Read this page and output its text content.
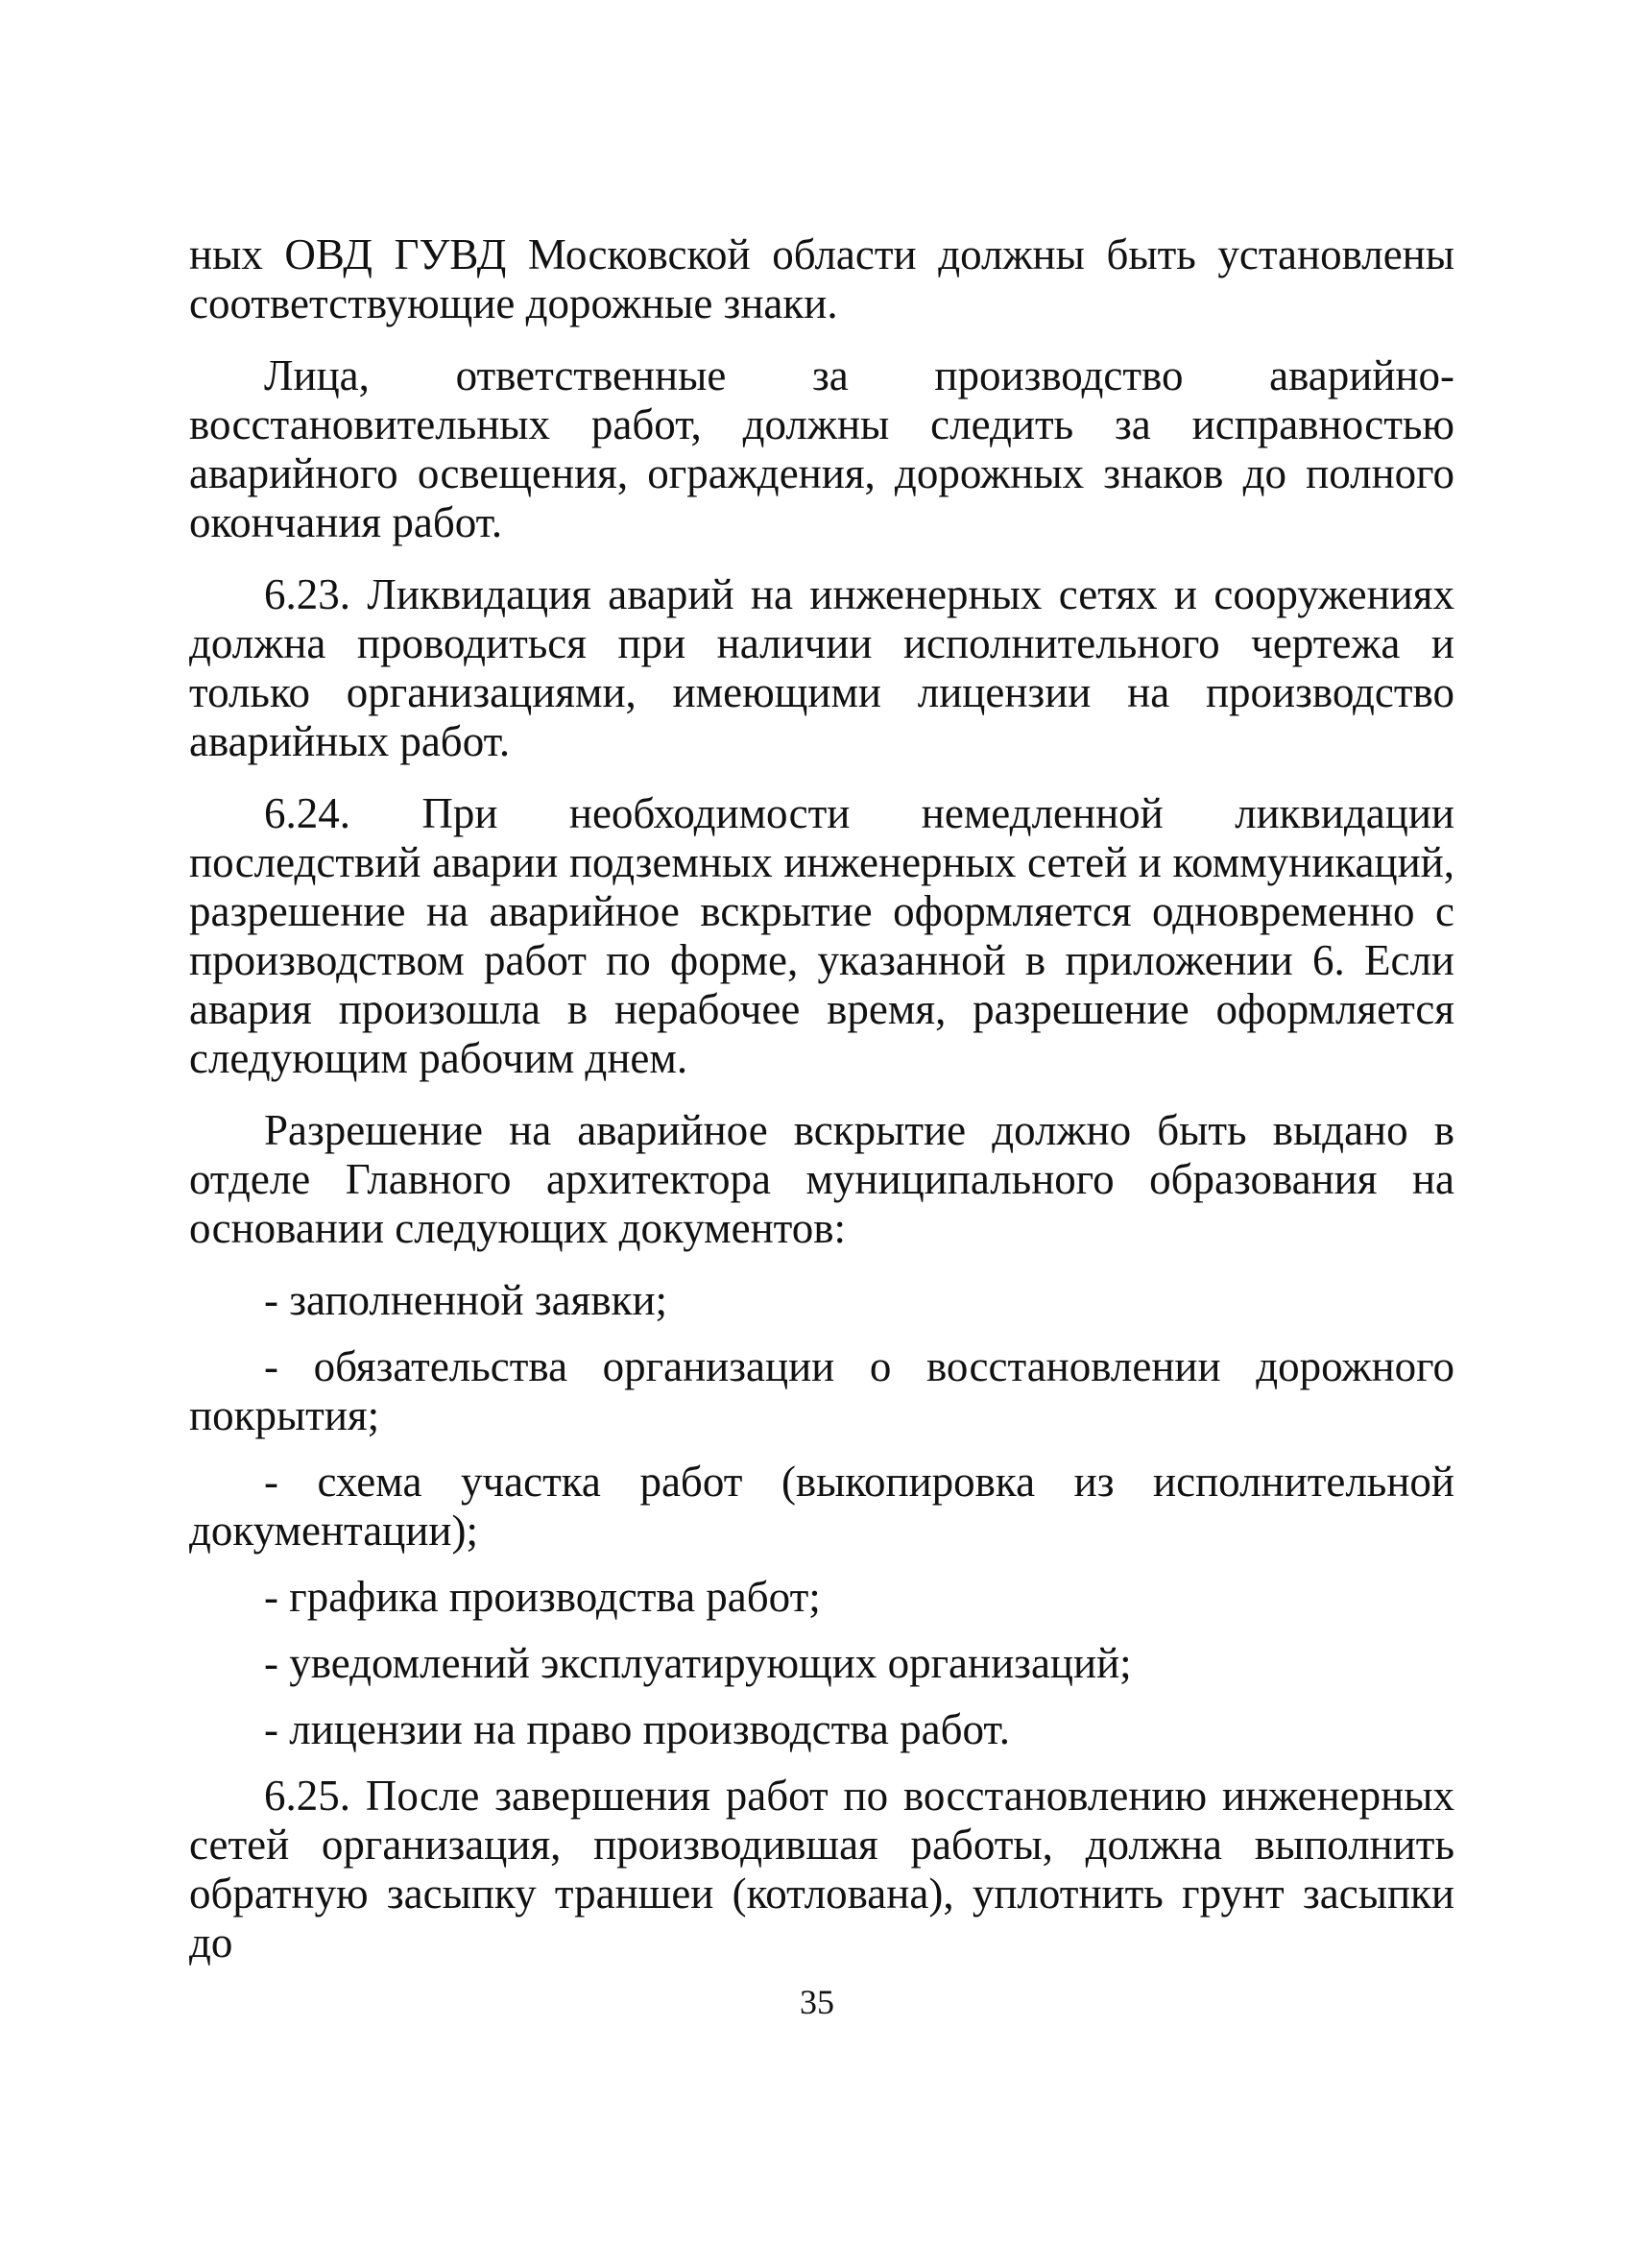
ных ОВД ГУВД Московской области должны быть установлены соответствующие дорожные знаки.

Лица, ответственные за производство аварийно-восстановительных работ, должны следить за исправностью аварийного освещения, ограждения, дорожных знаков до полного окончания работ.

6.23. Ликвидация аварий на инженерных сетях и сооружениях должна проводиться при наличии исполнительного чертежа и только организациями, имеющими лицензии на производство аварийных работ.

6.24. При необходимости немедленной ликвидации последствий аварии подземных инженерных сетей и коммуникаций, разрешение на аварийное вскрытие оформляется одновременно с производством работ по форме, указанной в приложении 6. Если авария произошла в нерабочее время, разрешение оформляется следующим рабочим днем.

Разрешение на аварийное вскрытие должно быть выдано в отделе Главного архитектора муниципального образования на основании следующих документов:

- заполненной заявки;

- обязательства организации о восстановлении дорожного покрытия;

- схема участка работ (выкопировка из исполнительной документации);

- графика производства работ;

- уведомлений эксплуатирующих организаций;

- лицензии на право производства работ.

6.25. После завершения работ по восстановлению инженерных сетей организация, производившая работы, должна выполнить обратную засыпку траншеи (котлована), уплотнить грунт засыпки до

35
